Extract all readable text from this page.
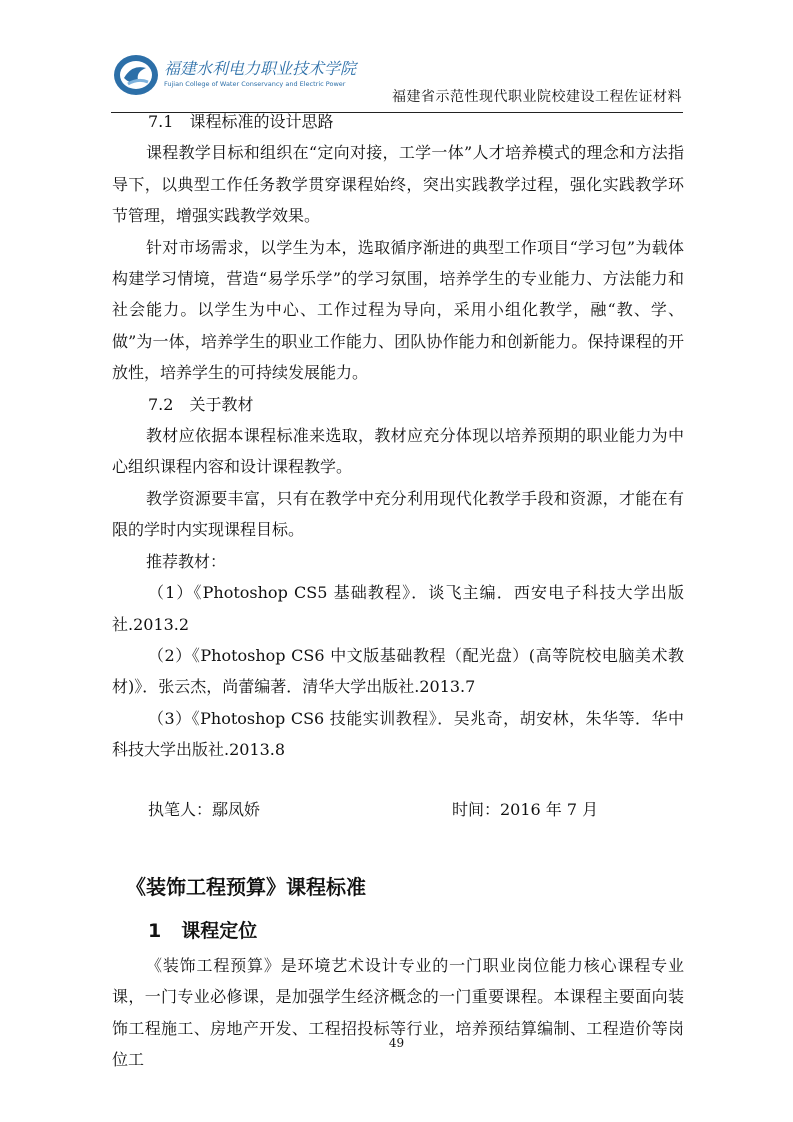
福建水利电力职业技术学院
Fujian College of Water Conservancy and Electric Power
福建省示范性现代职业院校建设工程佐证材料

7.1　课程标准的设计思路

课程教学目标和组织在“定向对接，工学一体”人才培养模式的理念和方法指导下，以典型工作任务教学贯穿课程始终，突出实践教学过程，强化实践教学环节管理，增强实践教学效果。

针对市场需求，以学生为本，选取循序渐进的典型工作项目“学习包”为载体构建学习情境，营造“易学乐学”的学习氛围，培养学生的专业能力、方法能力和社会能力。以学生为中心、工作过程为导向，采用小组化教学，融“教、学、做”为一体，培养学生的职业工作能力、团队协作能力和创新能力。保持课程的开放性，培养学生的可持续发展能力。

7.2　关于教材

教材应依据本课程标准来选取，教材应充分体现以培养预期的职业能力为中心组织课程内容和设计课程教学。

教学资源要丰富，只有在教学中充分利用现代化教学手段和资源，才能在有限的学时内实现课程目标。

推荐教材：

（1）《Photoshop CS5 基础教程》．谈飞主编．西安电子科技大学出版社.2013.2

（2）《Photoshop CS6 中文版基础教程（配光盘）(高等院校电脑美术教材)》．张云杰，尚蕾编著．清华大学出版社.2013.7

（3）《Photoshop CS6 技能实训教程》．吴兆奇，胡安林，朱华等．华中科技大学出版社.2013.8

执笔人：鄢凤娇	时间：2016 年 7 月
《装饰工程预算》课程标准
1 课程定位

《装饰工程预算》是环境艺术设计专业的一门职业岗位能力核心课程专业课，一门专业必修课，是加强学生经济概念的一门重要课程。本课程主要面向装饰工程施工、房地产开发、工程招投标等行业，培养预结算编制、工程造价等岗位工

49
